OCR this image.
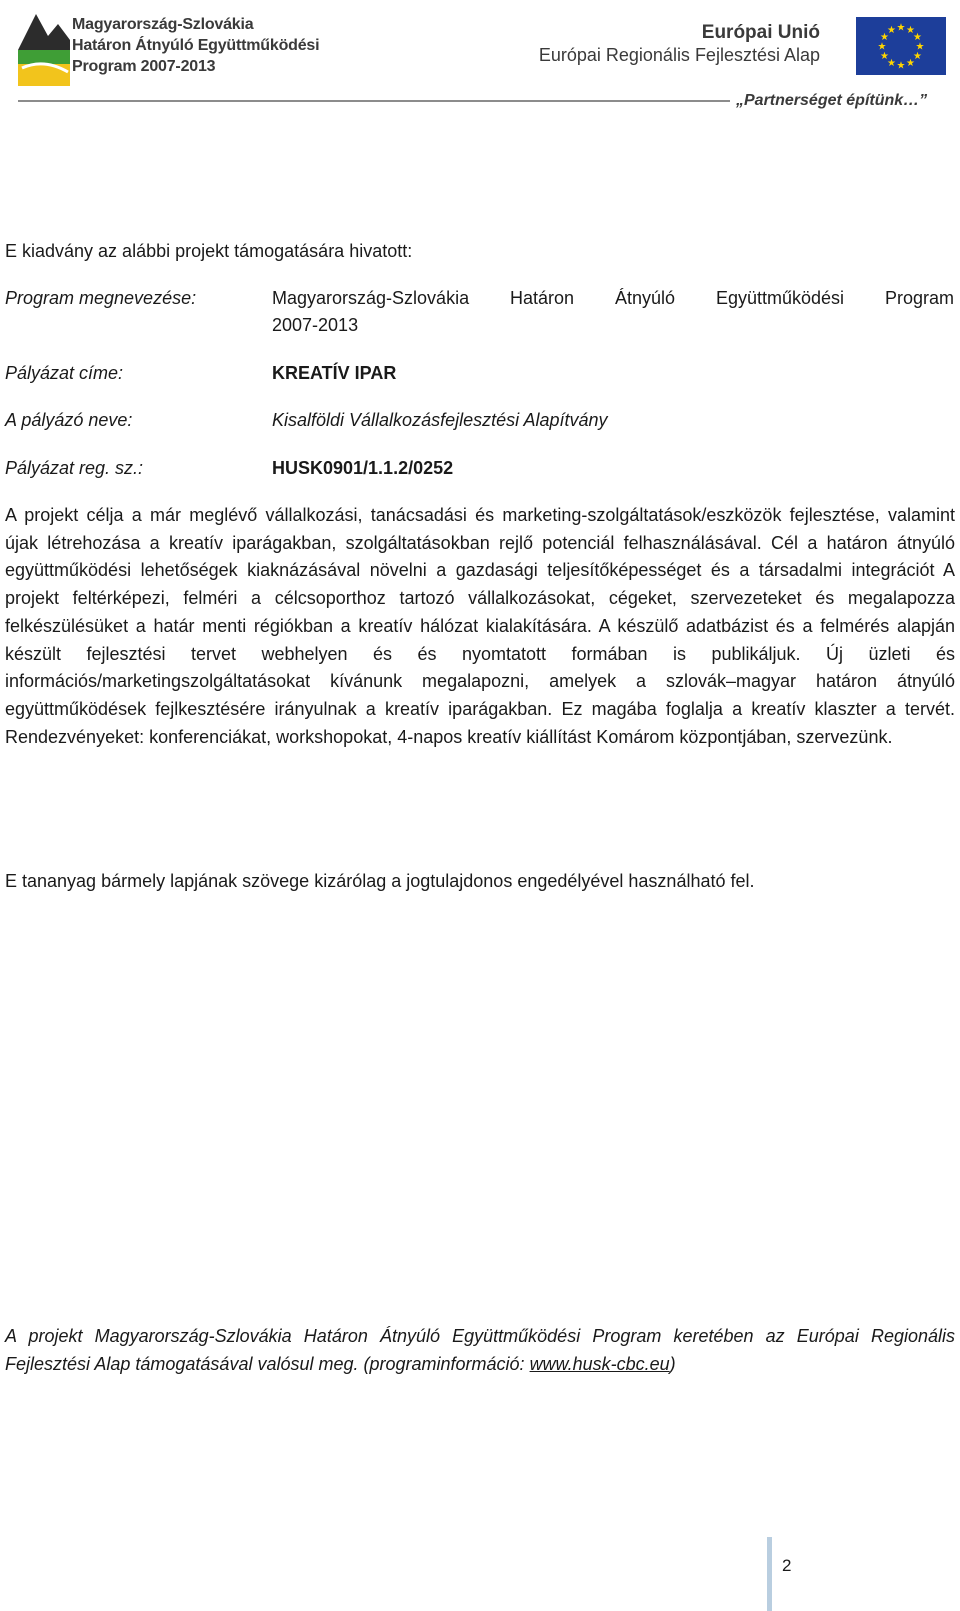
Magyarország-Szlovákia
Határon Átnyúló Együttműködési
Program 2007-2013
Európai Unió
Európai Regionális Fejlesztési Alap	★
★
★
★
★
★
★
★
★ ★ ★
★
„Partnerséget építünk…”
E kiadvány az alábbi projekt támogatására hivatott:
Program megnevezése:	Magyarország-Szlovákia Határon Átnyúló Együttműködési Program
2007-2013
Pályázat címe:	KREATÍV IPAR
A pályázó neve:	Kisalföldi Vállalkozásfejlesztési Alapítvány
Pályázat reg. sz.:	HUSK0901/1.1.2/0252
A projekt célja a már meglévő vállalkozási, tanácsadási és marketing-szolgáltatások/eszközök fejlesztése, valamint újak létrehozása a kreatív iparágakban, szolgáltatásokban rejlő potenciál felhasználásával. Cél a határon átnyúló együttműködési lehetőségek kiaknázásával növelni a gazdasági teljesítőképességet és a társadalmi integrációt A projekt feltérképezi, felméri a célcsoporthoz tartozó vállalkozásokat, cégeket, szervezeteket és megalapozza felkészülésüket a határ menti régiókban a kreatív hálózat kialakítására. A készülő adatbázist és a felmérés alapján készült fejlesztési tervet webhelyen és és nyomtatott formában is publikáljuk. Új üzleti és információs/marketingszolgáltatásokat kívánunk megalapozni, amelyek a szlovák–magyar határon átnyúló együttműködések fejlkesztésére irányulnak a kreatív iparágakban. Ez magába foglalja a kreatív klaszter a tervét. Rendezvényeket: konferenciákat, workshopokat, 4-napos kreatív kiállítást Komárom központjában, szervezünk.
E tananyag bármely lapjának szövege kizárólag a jogtulajdonos engedélyével használható fel.
A projekt Magyarország-Szlovákia Határon Átnyúló Együttműködési Program keretében az Európai Regionális Fejlesztési Alap támogatásával valósul meg. (programinformáció: www.husk-cbc.eu)
2
